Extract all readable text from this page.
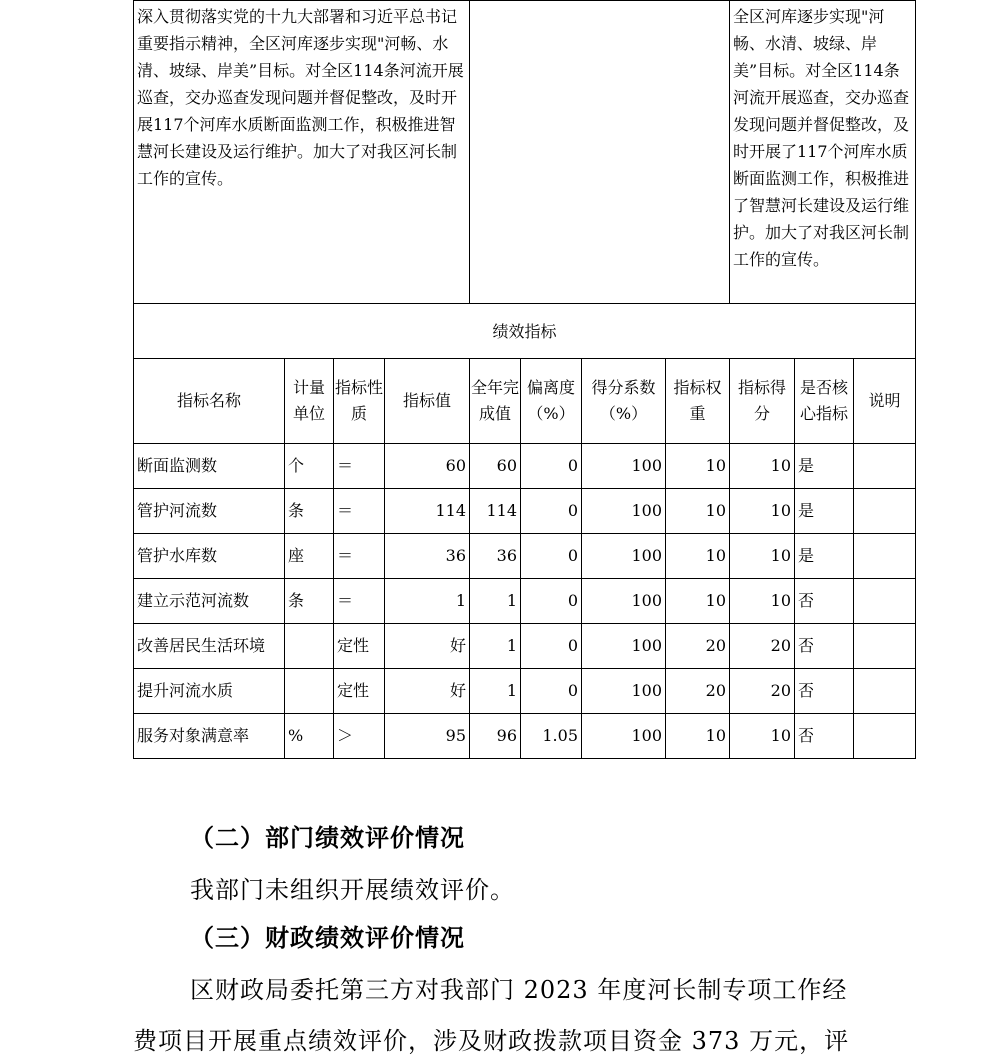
深入贯彻落实党的十九大部署和习近平总书记重要指示精神，全区河库逐步实现"河畅、水清、坡绿、岸美”目标。对全区114条河流开展巡查，交办巡查发现问题并督促整改，及时开展117个河库水质断面监测工作，积极推进智慧河长建设及运行维护。加大了对我区河长制工作的宣传。								全区河库逐步实现"河畅、水清、坡绿、岸美”目标。对全区114条河流开展巡查，交办巡查发现问题并督促整改，及时开展了117个河库水质断面监测工作，积极推进了智慧河长建设及运行维护。加大了对我区河长制工作的宣传。		
绩效指标										
指标名称	计量单位	指标性质	指标值	全年完成值	偏离度（%）	得分系数（%）	指标权重	指标得分	是否核心指标	说明
断面监测数	个	＝	60	60	0	100	10	10	是	
管护河流数	条	＝	114	114	0	100	10	10	是	
管护水库数	座	＝	36	36	0	100	10	10	是	
建立示范河流数	条	＝	1	1	0	100	10	10	否	
改善居民生活环境		定性	好	1	0	100	20	20	否	
提升河流水质		定性	好	1	0	100	20	20	否	
服务对象满意率	%	＞	95	96	1.05	100	10	10	否	
（二）部门绩效评价情况
我部门未组织开展绩效评价。
（三）财政绩效评价情况
区财政局委托第三方对我部门 2023 年度河长制专项工作经
费项目开展重点绩效评价，涉及财政拨款项目资金 373 万元，评
